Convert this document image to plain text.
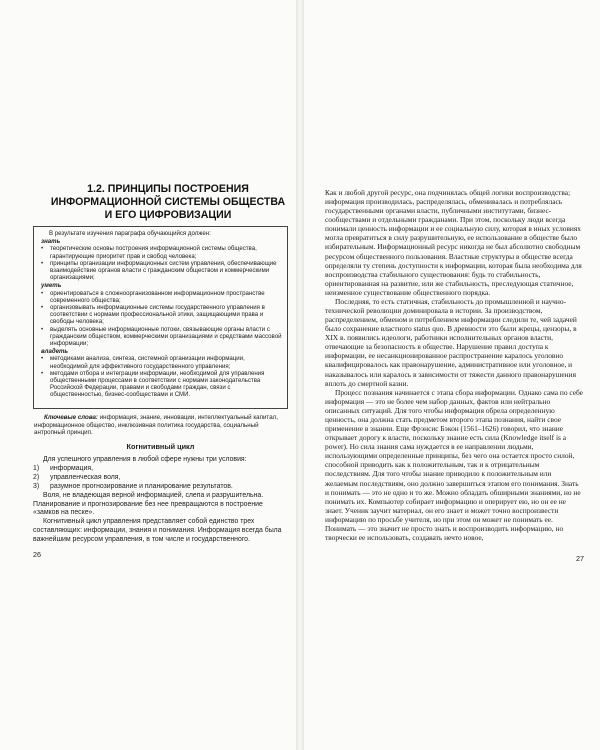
1.2. ПРИНЦИПЫ ПОСТРОЕНИЯ
ИНФОРМАЦИОННОЙ СИСТЕМЫ ОБЩЕСТВА
И ЕГО ЦИФРОВИЗАЦИИ
В результате изучения параграфа обучающийся должен:
знать
•	теоретические основы построения информационной системы общества, гарантирующие приоритет прав и свобод человека;
•	принципы организации информационных систем управления, обеспечивающие взаимодействие органов власти с гражданским обществом и коммерческими организациями;
уметь
•	ориентироваться в сложноорганизованном информационном пространстве современного общества;
•	организовывать информационные системы государственного управления в соответствии с нормами профессиональной этики, защищающими права и свободы человека;
•	выделять основные информационные потоки, связывающие органы власти с гражданским обществом, коммерческими организациями и средствами массовой информации;
владеть
•	методиками анализа, синтеза, системной организации информации, необходимой для эффективного государственного управления;
•	методами отбора и интеграции информации, необходимой для управления общественными процессами в соответствии с нормами законодательства Российской Федерации, правами и свободами граждан, связи с общественностью, бизнес-сообществами и СМИ.
Ключевые слова: информация, знание, инновации, интеллектуальный капитал, информационное общество, инклюзивная политика государства, социальный антропный принцип.
Когнитивный цикл

Для успешного управления в любой сфере нужны три условия:

1)	информация,
2)	управленческая воля,
3)	разумное прогнозирование и планирование результатов.

Воля, не владеющая верной информацией, слепа и разрушительна. Планирование и прогнозирование без нее превращаются в построение «замков на песке».

Когнитивный цикл управления представляет собой единство трех составляющих: информации, знания и понимания. Информация всегда была важнейшим ресурсом управления, в том числе и государственного.

26

Как и любой другой ресурс, она подчинялась общей логики воспроизводства; информация производилась, распределялась, обменивалась и потреблялась государственными органами власти, публичными институтами, бизнес-сообществами и отдельными гражданами. При этом, поскольку люди всегда понимали ценность информации и ее социальную силу, которая в иных условиях могла превратиться в силу разрушительную, ее использование в обществе было избирательным. Информационный ресурс никогда не был абсолютно свободным ресурсом общественного пользования. Властные структуры в обществе всегда определяли ту степень доступности к информации, которая была необходима для воспроизводства стабильного существования: будь то стабильность, ориентированная на развитие, или же стабильность, преследующая статичное, неизменное существование общественного порядка.

Последняя, то есть статичная, стабильность до промышленной и научно-технической революции доминировала в истории. За производством, распределением, обменом и потреблением информации следили те, чей задачей было сохранение властного status quo. В древности это были жрецы, цензоры, в XIX в. появились идеологи, работники исполнительных органов власти, отвечающие за безопасность в обществе. Нарушение правил доступа к информации, ее несанкционированное распространение каралось уголовно квалифицировалось как правонарушение, административное или уголовное, и наказывалось или каралось в зависимости от тяжести данного правонарушения вплоть до смертной казни.

Процесс познания начинается с этапа сбора информации. Однако сама по себе информация — это не более чем набор данных, фактов или нейтрально описанных ситуаций. Для того чтобы информация обрела определенную ценность, она должна стать предметом второго этапа познания, найти свое применение в знании. Еще Фрэнсис Бэкон (1561–1626) говорил, что знание открывает дорогу к власти, поскольку знание есть сила (Knowledge itself is a power). Но сила знания сама нуждается в ее направлении людьми, использующими определенные принципы, без чего она остается просто силой, способной приводить как к положительным, так и к отрицательным последствиям. Для того чтобы знание приводило к положительным или желаемым последствиям, оно должно завершиться этапом его понимания. Знать и понимать — это не одно и то же. Можно обладать обширными знаниями, но не понимать их. Компьютер собирает информацию и оперирует ею, но он ее не знает. Ученик заучит материал, он его знает и может точно воспроизвести информацию по просьбе учителя, но при этом он может не понимать ее. Понимать — это значит не просто знать и воспроизводить информацию, но творчески ее использовать, создавать нечто новое,

27
